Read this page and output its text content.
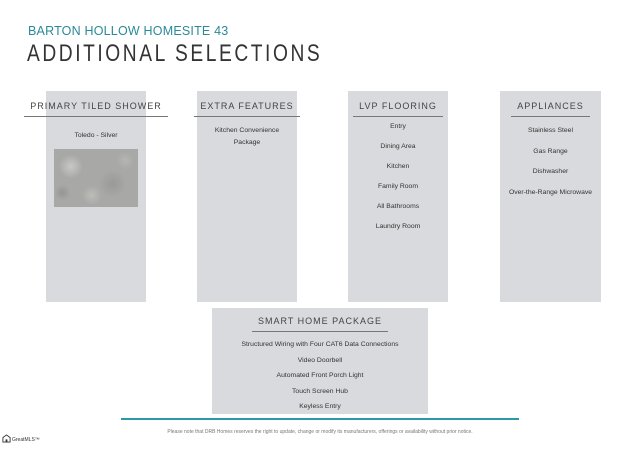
BARTON HOLLOW HOMESITE 43
ADDITIONAL SELECTIONS
PRIMARY TILED SHOWER
Toledo - Silver
EXTRA FEATURES
Kitchen Convenience
Package
LVP FLOORING
Entry
Dining Area
Kitchen
Family Room
All Bathrooms
Laundry Room
APPLIANCES
Stainless Steel
Gas Range
Dishwasher
Over-the-Range Microwave
SMART HOME PACKAGE
Structured Wiring with Four CAT6 Data Connections
Video Doorbell
Automated Front Porch Light
Touch Screen Hub
Keyless Entry
Please note that DRB Homes reserves the right to update, change or modify its manufacturers, offerings or availability without prior notice.
GreatMLS™
